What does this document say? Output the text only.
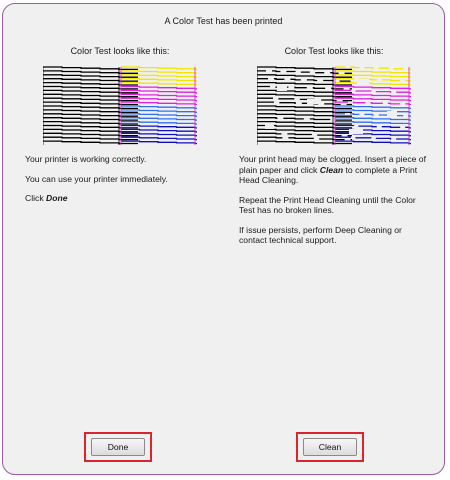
A Color Test has been printed
Color Test looks like this:

Your printer is working correctly.

You can use your printer immediately.

Click Done

Color Test looks like this:

Your print head may be clogged. Insert a piece of plain paper and click Clean to complete a Print Head Cleaning.

Repeat the Print Head Cleaning until the Color Test has no broken lines.

If issue persists, perform Deep Cleaning or contact technical support.

Done	Clean
